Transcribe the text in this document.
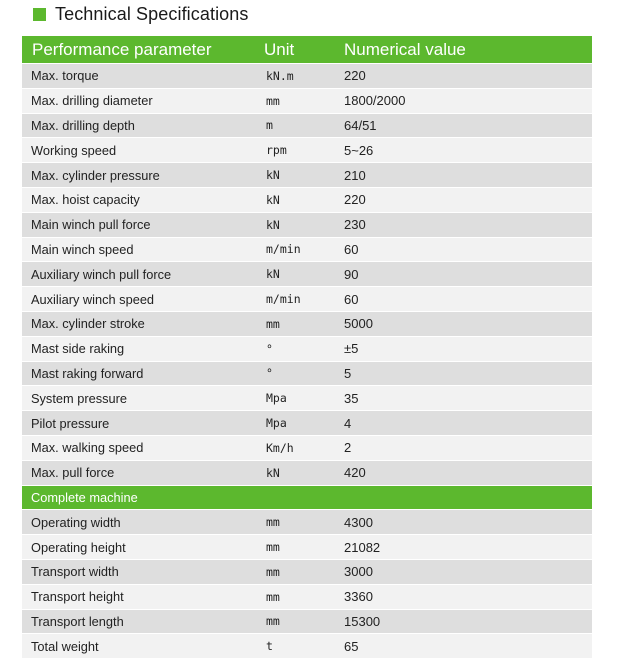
Technical Specifications
Performance parameter	Unit	Numerical value
Max. torque	kN.m	220
Max. drilling diameter	mm	1800/2000
Max. drilling depth	m	64/51
Working speed	rpm	5~26
Max. cylinder pressure	kN	210
Max. hoist capacity	kN	220
Main winch pull force	kN	230
Main winch speed	m/min	60
Auxiliary winch pull force	kN	90
Auxiliary winch speed	m/min	60
Max. cylinder stroke	mm	5000
Mast side raking	°	±5
Mast raking forward	°	5
System pressure	Mpa	35
Pilot pressure	Mpa	4
Max. walking speed	Km/h	2
Max. pull force	kN	420
Complete machine
Operating width	mm	4300
Operating height	mm	21082
Transport width	mm	3000
Transport height	mm	3360
Transport length	mm	15300
Total weight	t	65
